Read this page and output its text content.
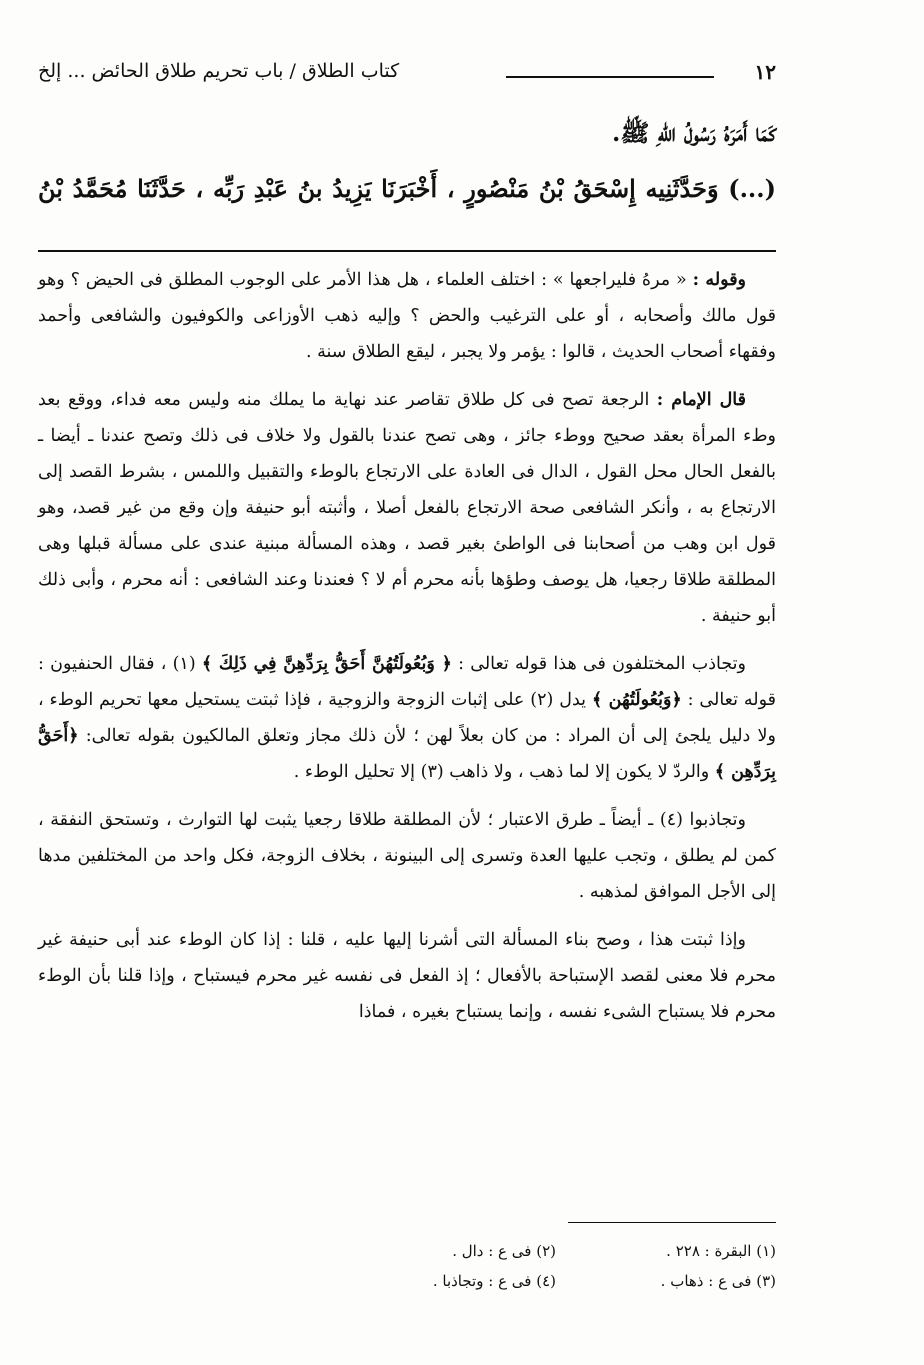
١٢
كتاب الطلاق / باب تحريم طلاق الحائض ... إلخ
كَمَا أَمَرَهُ رَسُولُ اللهِ ﷺ.
(...) وَحَدَّثَنِيه إِسْحَقُ بْنُ مَنْصُورٍ ، أَخْبَرَنَا يَزِيدُ بنُ عَبْدِ رَبِّه ، حَدَّثَنَا مُحَمَّدُ بْنُ

وقوله : « مرهُ فليراجعها » : اختلف العلماء ، هل هذا الأمر على الوجوب المطلق فى الحيض ؟ وهو قول مالك وأصحابه ، أو على الترغيب والحض ؟ وإليه ذهب الأوزاعى والكوفيون والشافعى وأحمد وفقهاء أصحاب الحديث ، قالوا : يؤمر ولا يجبر ، ليقع الطلاق سنة .

قال الإمام : الرجعة تصح فى كل طلاق تقاصر عند نهاية ما يملك منه وليس معه فداء، ووقع بعد وطء المرأة بعقد صحيح ووطء جائز ، وهى تصح عندنا بالقول ولا خلاف فى ذلك وتصح عندنا ـ أيضا ـ بالفعل الحال محل القول ، الدال فى العادة على الارتجاع بالوطء والتقبيل واللمس ، بشرط القصد إلى الارتجاع به ، وأنكر الشافعى صحة الارتجاع بالفعل أصلا ، وأثبته أبو حنيفة وإن وقع من غير قصد، وهو قول ابن وهب من أصحابنا فى الواطئ بغير قصد ، وهذه المسألة مبنية عندى على مسألة قبلها وهى المطلقة طلاقا رجعيا، هل يوصف وطؤها بأنه محرم أم لا ؟ فعندنا وعند الشافعى : أنه محرم ، وأبى ذلك أبو حنيفة .

وتجاذب المختلفون فى هذا قوله تعالى : ﴿ وَبُعُولَتُهُنَّ أَحَقُّ بِرَدِّهِنَّ فِي ذَلِكَ ﴾ (١) ، فقال الحنفيون : قوله تعالى : ﴿وَبُعُولَتُهُن ﴾ يدل (٢) على إثبات الزوجة والزوجية ، فإذا ثبتت يستحيل معها تحريم الوطء ، ولا دليل يلجئ إلى أن المراد : من كان بعلاً لهن ؛ لأن ذلك مجاز وتعلق المالكيون بقوله تعالى: ﴿أَحَقُّ بِرَدِّهِن ﴾ والردّ لا يكون إلا لما ذهب ، ولا ذاهب (٣) إلا تحليل الوطء .

وتجاذبوا (٤) ـ أيضاً ـ طرق الاعتبار ؛ لأن المطلقة طلاقا رجعيا يثبت لها التوارث ، وتستحق النفقة ، كمن لم يطلق ، وتجب عليها العدة وتسرى إلى البينونة ، بخلاف الزوجة، فكل واحد من المختلفين مدها إلى الأجل الموافق لمذهبه .

وإذا ثبتت هذا ، وصح بناء المسألة التى أشرنا إليها عليه ، قلنا : إذا كان الوطء عند أبى حنيفة غير محرم فلا معنى لقصد الإستباحة بالأفعال ؛ إذ الفعل فى نفسه غير محرم فيستباح ، وإذا قلنا بأن الوطء محرم فلا يستباح الشىء نفسه ، وإنما يستباح بغيره ، فماذا

(١) البقرة : ٢٢٨ .
(٢) فى ع : دال .
(٣) فى ع : ذهاب .
(٤) فى ع : وتجاذبا .
